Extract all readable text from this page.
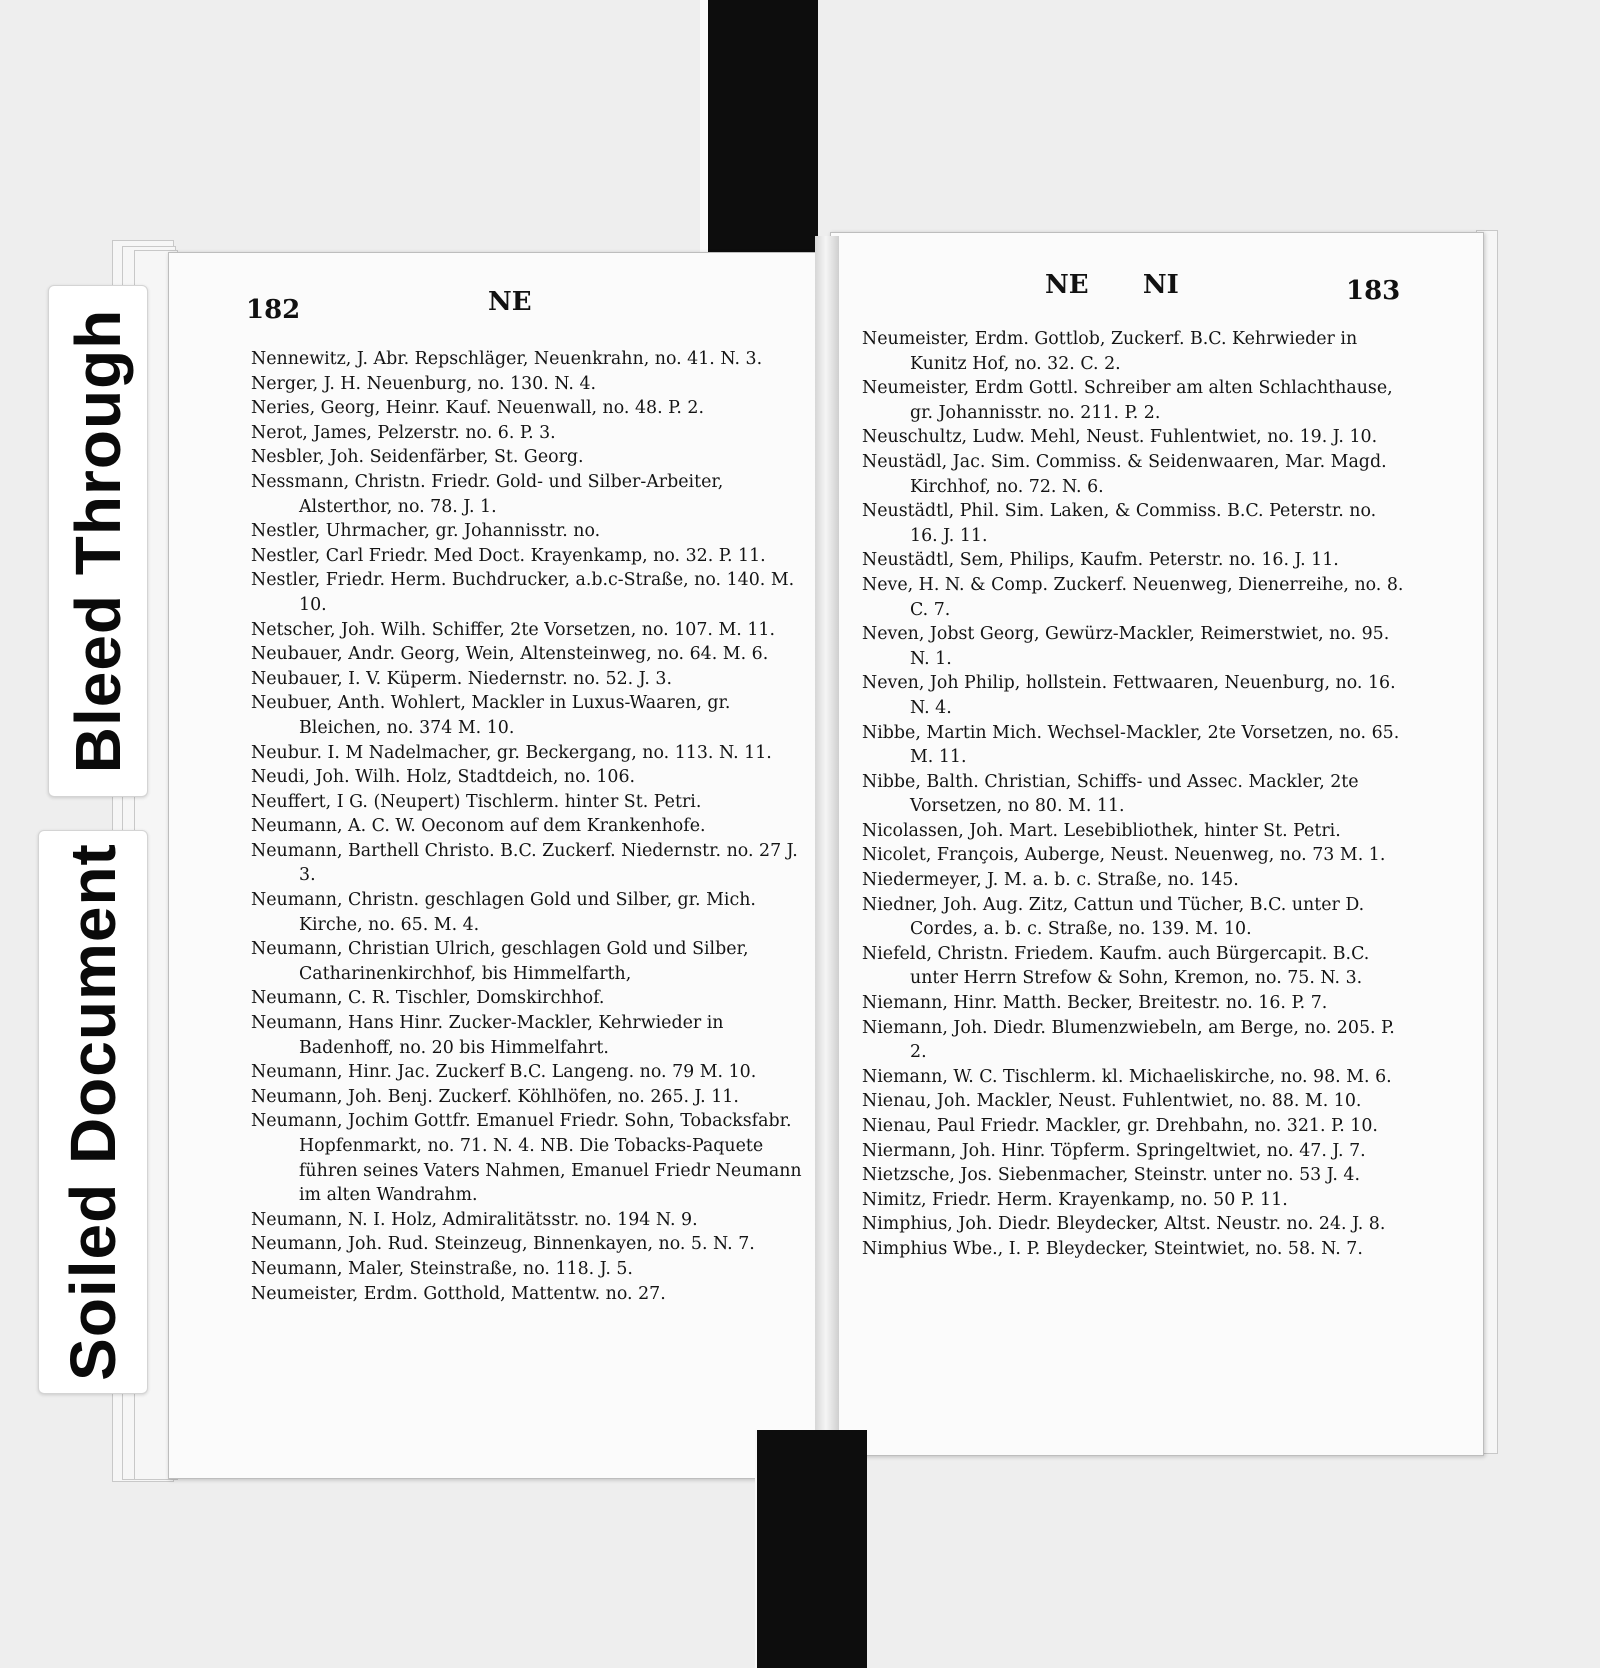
Bleed Through
Soiled Document
182	NE
NE      NI	183
Nennewitz, J. Abr. Repschläger, Neuenkrahn, no. 41. N. 3.
Nerger, J. H. Neuenburg, no. 130. N. 4.
Neries, Georg, Heinr. Kauf. Neuenwall, no. 48. P. 2.
Nerot, James, Pelzerstr. no. 6. P. 3.
Nesbler, Joh. Seidenfärber, St. Georg.
Nessmann, Christn. Friedr. Gold- und Silber-Arbeiter, Alsterthor, no. 78. J. 1.
Nestler, Uhrmacher, gr. Johannisstr. no.
Nestler, Carl Friedr. Med Doct. Krayenkamp, no. 32. P. 11.
Nestler, Friedr. Herm. Buchdrucker, a.b.c-Straße, no. 140. M. 10.
Netscher, Joh. Wilh. Schiffer, 2te Vorsetzen, no. 107. M. 11.
Neubauer, Andr. Georg, Wein, Altensteinweg, no. 64. M. 6.
Neubauer, I. V. Küperm. Niedernstr. no. 52. J. 3.
Neubuer, Anth. Wohlert, Mackler in Luxus-Waaren, gr. Bleichen, no. 374 M. 10.
Neubur. I. M Nadelmacher, gr. Beckergang, no. 113. N. 11.
Neudi, Joh. Wilh. Holz, Stadtdeich, no. 106.
Neuffert, I G. (Neupert) Tischlerm. hinter St. Petri.
Neumann, A. C. W. Oeconom auf dem Krankenhofe.
Neumann, Barthell Christo. B.C. Zuckerf. Niedernstr. no. 27 J. 3.
Neumann, Christn. geschlagen Gold und Silber, gr. Mich. Kirche, no. 65. M. 4.
Neumann, Christian Ulrich, geschlagen Gold und Silber, Catharinenkirchhof, bis Himmelfarth,
Neumann, C. R. Tischler, Domskirchhof.
Neumann, Hans Hinr. Zucker-Mackler, Kehrwieder in Badenhoff, no. 20 bis Himmelfahrt.
Neumann, Hinr. Jac. Zuckerf B.C. Langeng. no. 79 M. 10.
Neumann, Joh. Benj. Zuckerf. Köhlhöfen, no. 265. J. 11.
Neumann, Jochim Gottfr. Emanuel Friedr. Sohn, Tobacksfabr. Hopfenmarkt, no. 71. N. 4. NB. Die Tobacks-Paquete führen seines Vaters Nahmen, Emanuel Friedr Neumann im alten Wandrahm.
Neumann, N. I. Holz, Admiralitätsstr. no. 194 N. 9.
Neumann, Joh. Rud. Steinzeug, Binnenkayen, no. 5. N. 7.
Neumann, Maler, Steinstraße, no. 118. J. 5.
Neumeister, Erdm. Gotthold, Mattentw. no. 27.
Neumeister, Erdm. Gottlob, Zuckerf. B.C. Kehrwieder in Kunitz Hof, no. 32. C. 2.
Neumeister, Erdm Gottl. Schreiber am alten Schlachthause, gr. Johannisstr. no. 211. P. 2.
Neuschultz, Ludw. Mehl, Neust. Fuhlentwiet, no. 19. J. 10.
Neustädl, Jac. Sim. Commiss. & Seidenwaaren, Mar. Magd. Kirchhof, no. 72. N. 6.
Neustädtl, Phil. Sim. Laken, & Commiss. B.C. Peterstr. no. 16. J. 11.
Neustädtl, Sem, Philips, Kaufm. Peterstr. no. 16. J. 11.
Neve, H. N. & Comp. Zuckerf. Neuenweg, Dienerreihe, no. 8. C. 7.
Neven, Jobst Georg, Gewürz-Mackler, Reimerstwiet, no. 95. N. 1.
Neven, Joh Philip, hollstein. Fettwaaren, Neuenburg, no. 16. N. 4.
Nibbe, Martin Mich. Wechsel-Mackler, 2te Vorsetzen, no. 65. M. 11.
Nibbe, Balth. Christian, Schiffs- und Assec. Mackler, 2te Vorsetzen, no 80. M. 11.
Nicolassen, Joh. Mart. Lesebibliothek, hinter St. Petri.
Nicolet, François, Auberge, Neust. Neuenweg, no. 73 M. 1.
Niedermeyer, J. M. a. b. c. Straße, no. 145.
Niedner, Joh. Aug. Zitz, Cattun und Tücher, B.C. unter D. Cordes, a. b. c. Straße, no. 139. M. 10.
Niefeld, Christn. Friedem. Kaufm. auch Bürgercapit. B.C. unter Herrn Strefow & Sohn, Kremon, no. 75. N. 3.
Niemann, Hinr. Matth. Becker, Breitestr. no. 16. P. 7.
Niemann, Joh. Diedr. Blumenzwiebeln, am Berge, no. 205. P. 2.
Niemann, W. C. Tischlerm. kl. Michaeliskirche, no. 98. M. 6.
Nienau, Joh. Mackler, Neust. Fuhlentwiet, no. 88. M. 10.
Nienau, Paul Friedr. Mackler, gr. Drehbahn, no. 321. P. 10.
Niermann, Joh. Hinr. Töpferm. Springeltwiet, no. 47. J. 7.
Nietzsche, Jos. Siebenmacher, Steinstr. unter no. 53 J. 4.
Nimitz, Friedr. Herm. Krayenkamp, no. 50 P. 11.
Nimphius, Joh. Diedr. Bleydecker, Altst. Neustr. no. 24. J. 8.
Nimphius Wbe., I. P. Bleydecker, Steintwiet, no. 58. N. 7.
